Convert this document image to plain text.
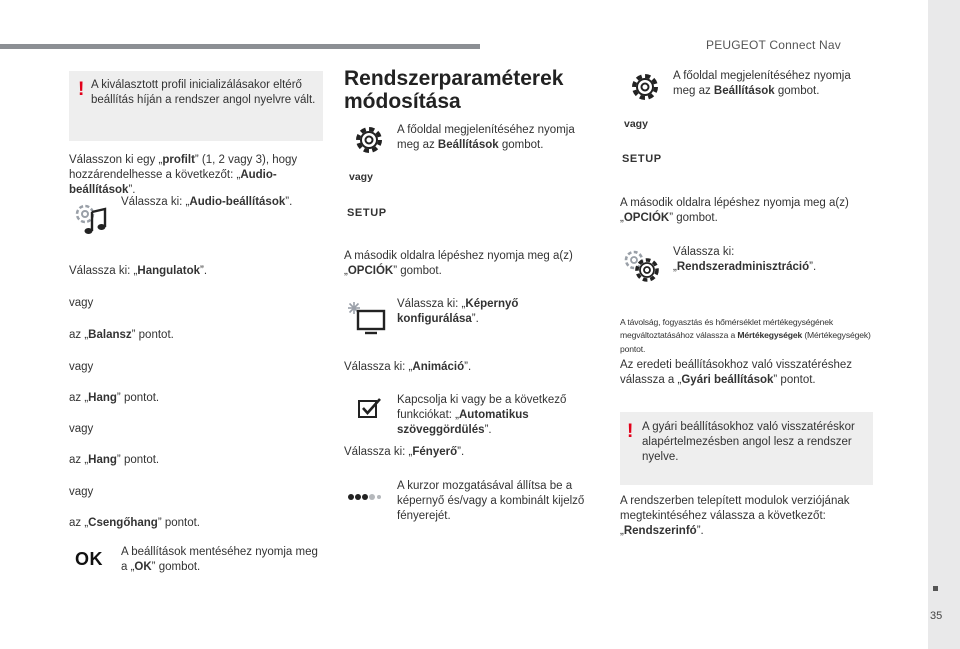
PEUGEOT Connect Nav
! A kiválasztott profil inicializálásakor eltérő beállítás híján a rendszer angol nyelvre vált.

Válasszon ki egy „profilt” (1, 2 vagy 3), hogy hozzárendelhesse a következőt: „Audio-beállítások”.

Válassza ki: „Audio-beállítások”.

Válassza ki: „Hangulatok”.

vagy

az „Balansz” pontot.

vagy

az „Hang” pontot.

vagy

az „Hang” pontot.

vagy

az „Csengőhang” pontot.

OK A beállítások mentéséhez nyomja meg a „OK” gombot.

Rendszerparaméterek módosítása

A főoldal megjelenítéséhez nyomja meg az Beállítások gombot.

vagy

SETUP

A második oldalra lépéshez nyomja meg a(z) „OPCIÓK” gombot.

Válassza ki: „Képernyő konfigurálása”.

Válassza ki: „Animáció”.

Kapcsolja ki vagy be a következő funkciókat: „Automatikus szöveggördülés”.

Válassza ki: „Fényerő”.

A kurzor mozgatásával állítsa be a képernyő és/vagy a kombinált kijelző fényerejét.

A főoldal megjelenítéséhez nyomja meg az Beállítások gombot.

vagy

SETUP

A második oldalra lépéshez nyomja meg a(z) „OPCIÓK” gombot.

Válassza ki: „Rendszeradminisztráció”.

A távolság, fogyasztás és hőmérséklet mértékegységének megváltoztatásához válassza a Mértékegységek (Mértékegységek) pontot.

Az eredeti beállításokhoz való visszatéréshez válassza a „Gyári beállítások” pontot.

! A gyári beállításokhoz való visszatéréskor alapértelmezésben angol lesz a rendszer nyelve.

A rendszerben telepített modulok verziójának megtekintéséhez válassza a következőt: „Rendszerinfó”.

35
